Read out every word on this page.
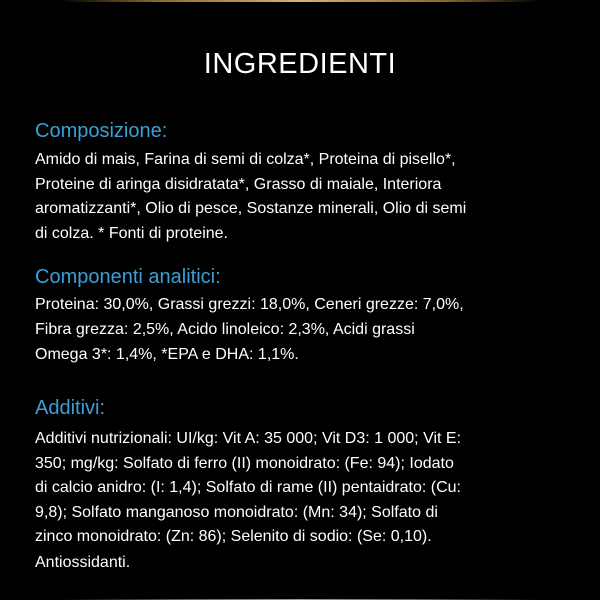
INGREDIENTI
Composizione:

Amido di mais, Farina di semi di colza*, Proteina di pisello*,
Proteine di aringa disidratata*, Grasso di maiale, Interiora
aromatizzanti*, Olio di pesce, Sostanze minerali, Olio di semi
di colza. * Fonti di proteine.

Componenti analitici:

Proteina: 30,0%, Grassi grezzi: 18,0%, Ceneri grezze: 7,0%,
Fibra grezza: 2,5%, Acido linoleico: 2,3%, Acidi grassi

Omega 3*: 1,4%, *EPA e DHA: 1,1%.

Additivi:

Additivi nutrizionali: UI/kg: Vit A: 35 000; Vit D3: 1 000; Vit E:
350; mg/kg: Solfato di ferro (II) monoidrato: (Fe: 94); Iodato
di calcio anidro: (I: 1,4); Solfato di rame (II) pentaidrato: (Cu:
9,8); Solfato manganoso monoidrato: (Mn: 34); Solfato di
zinco monoidrato: (Zn: 86); Selenito di sodio: (Se: 0,10).

Antiossidanti.
